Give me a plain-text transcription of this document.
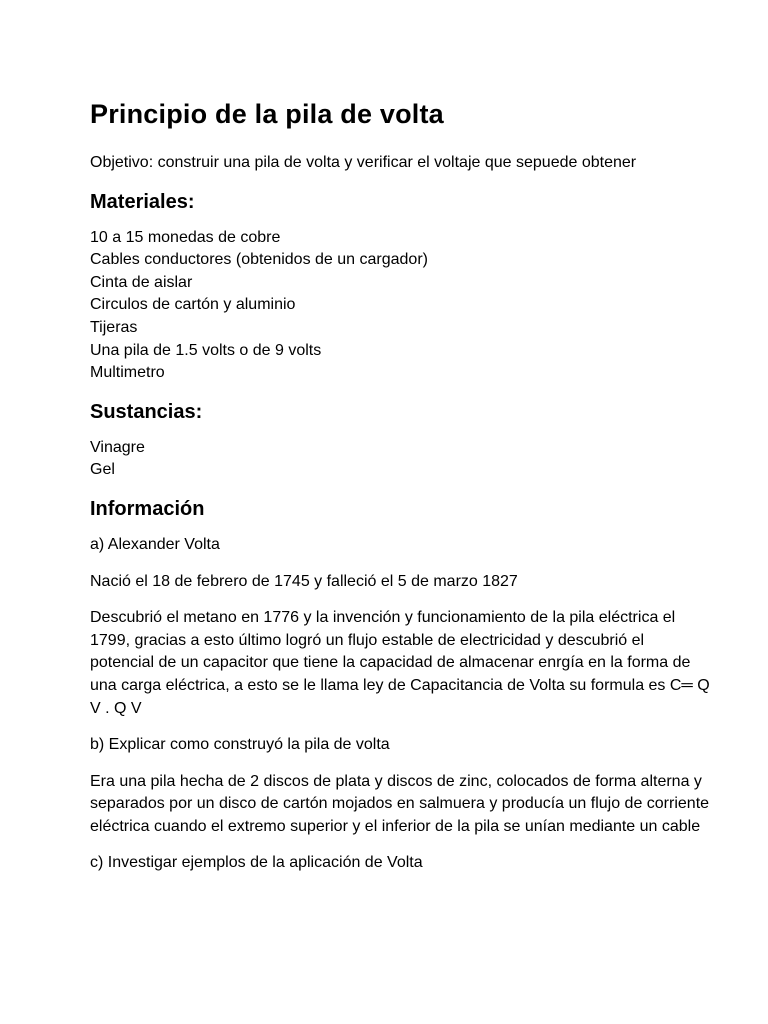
Principio de la pila de volta

Objetivo: construir una pila de volta y verificar el voltaje que sepuede obtener

Materiales:
10 a 15 monedas de cobre
Cables conductores (obtenidos de un cargador)
Cinta de aislar
Circulos de cartón y aluminio
Tijeras
Una pila de 1.5 volts o de 9 volts
Multimetro
Sustancias:
Vinagre
Gel
Información

a) Alexander Volta

Nació el 18 de febrero de 1745 y falleció el 5 de marzo 1827

Descubrió el metano en 1776 y la invención y funcionamiento de la pila eléctrica el 1799, gracias a esto último logró un flujo estable de electricidad y descubrió el potencial de un capacitor que tiene la capacidad de almacenar enrgía en la forma de una carga eléctrica, a esto se le llama ley de Capacitancia de Volta su formula es C═ Q V . Q V

b) Explicar como construyó la pila de volta

Era una pila hecha de 2 discos de plata y discos de zinc, colocados de forma alterna y separados por un disco de cartón mojados en salmuera y producía un flujo de corriente eléctrica cuando el extremo superior y el inferior de la pila se unían mediante un cable

c) Investigar ejemplos de la aplicación de Volta
